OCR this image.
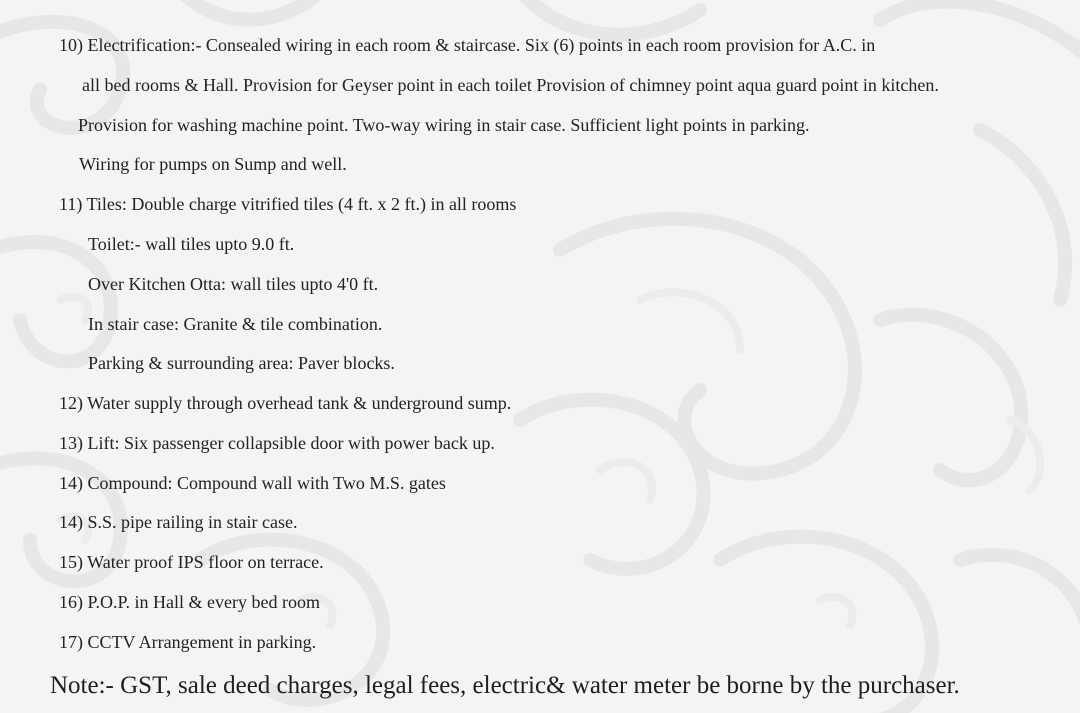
10) Electrification:- Consealed wiring in each room & staircase. Six (6) points in each room provision for A.C. in
all bed rooms & Hall. Provision for Geyser point in each toilet Provision of chimney point aqua guard point in kitchen.
Provision for washing machine point. Two-way wiring in stair case. Sufficient light points in parking.
Wiring for pumps on Sump and well.
11) Tiles: Double charge vitrified tiles (4 ft. x 2 ft.) in all rooms
Toilet:- wall tiles upto 9.0 ft.
Over Kitchen Otta: wall tiles upto 4'0 ft.
In stair case: Granite & tile combination.
Parking & surrounding area: Paver blocks.
12) Water supply through overhead tank & underground sump.
13) Lift: Six passenger collapsible door with power back up.
14) Compound: Compound wall with Two M.S. gates
14) S.S. pipe railing in stair case.
15) Water proof IPS floor on terrace.
16) P.O.P. in Hall & every bed room
17) CCTV Arrangement in parking.
Note:- GST, sale deed charges, legal fees, electric& water meter be borne by the purchaser.
